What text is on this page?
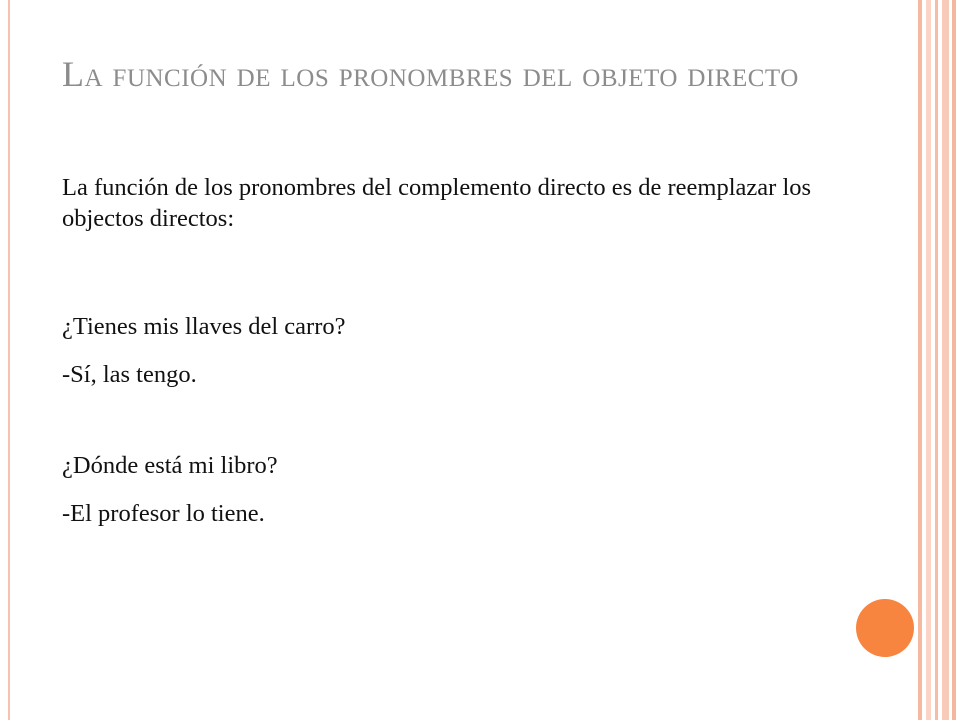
La función de los pronombres del objeto directo

La función de los pronombres del complemento directo es de reemplazar los objectos directos:

¿Tienes mis llaves del carro?

-Sí, las tengo.

¿Dónde está mi libro?

-El profesor lo tiene.
